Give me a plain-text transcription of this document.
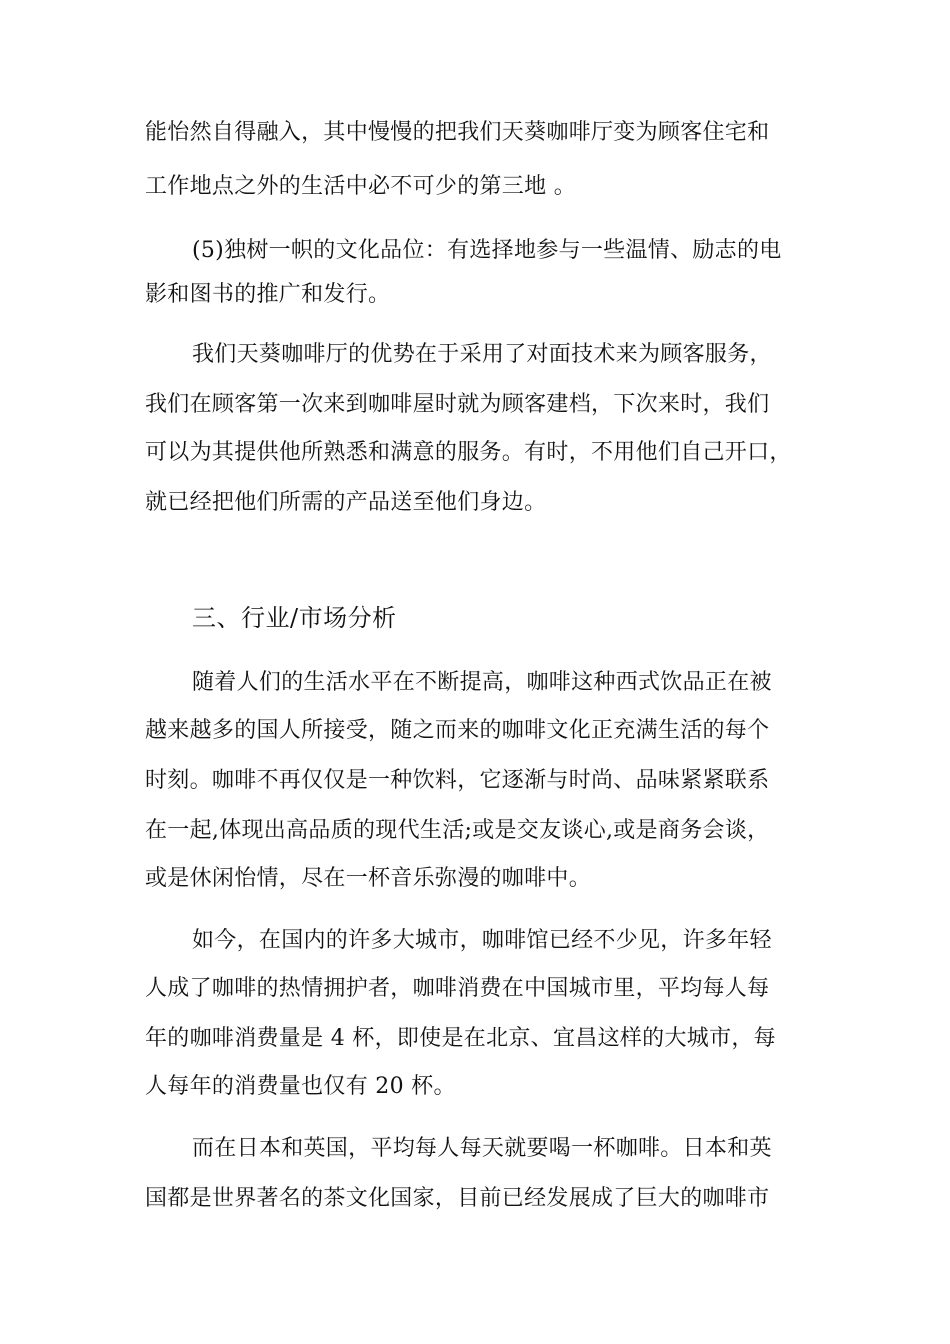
能怡然自得融入，其中慢慢的把我们天葵咖啡厅变为顾客住宅和
工作地点之外的生活中必不可少的第三地 。
(5)独树一帜的文化品位：有选择地参与一些温情、励志的电
影和图书的推广和发行。
我们天葵咖啡厅的优势在于采用了对面技术来为顾客服务，
我们在顾客第一次来到咖啡屋时就为顾客建档，下次来时，我们
可以为其提供他所熟悉和满意的服务。有时，不用他们自己开口，
就已经把他们所需的产品送至他们身边。
三、行业/市场分析
随着人们的生活水平在不断提高，咖啡这种西式饮品正在被
越来越多的国人所接受，随之而来的咖啡文化正充满生活的每个
时刻。咖啡不再仅仅是一种饮料，它逐渐与时尚、品味紧紧联系
在一起,体现出高品质的现代生活;或是交友谈心,或是商务会谈，
或是休闲怡情，尽在一杯音乐弥漫的咖啡中。
如今，在国内的许多大城市，咖啡馆已经不少见，许多年轻
人成了咖啡的热情拥护者，咖啡消费在中国城市里，平均每人每
年的咖啡消费量是 4 杯，即使是在北京、宜昌这样的大城市，每
人每年的消费量也仅有 20 杯。
而在日本和英国，平均每人每天就要喝一杯咖啡。日本和英
国都是世界著名的茶文化国家，目前已经发展成了巨大的咖啡市
